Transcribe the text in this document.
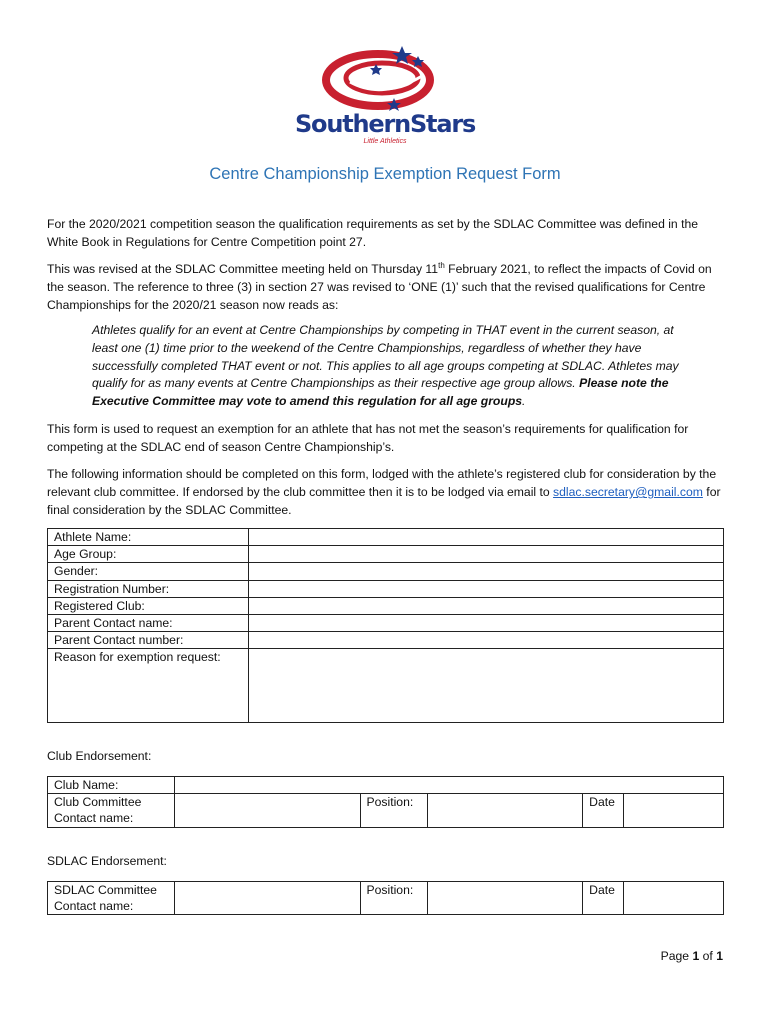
SouthernStars
Little Athletics
Centre Championship Exemption Request Form

For the 2020/2021 competition season the qualification requirements as set by the SDLAC Committee was defined in the White Book in Regulations for Centre Competition point 27.

This was revised at the SDLAC Committee meeting held on Thursday 11th February 2021, to reflect the impacts of Covid on the season. The reference to three (3) in section 27 was revised to ‘ONE (1)’ such that the revised qualifications for Centre Championships for the 2020/21 season now reads as:

Athletes qualify for an event at Centre Championships by competing in THAT event in the current season, at least one (1) time prior to the weekend of the Centre Championships, regardless of whether they have successfully completed THAT event or not. This applies to all age groups competing at SDLAC. Athletes may qualify for as many events at Centre Championships as their respective age group allows. Please note the Executive Committee may vote to amend this regulation for all age groups.

This form is used to request an exemption for an athlete that has not met the season’s requirements for qualification for competing at the SDLAC end of season Centre Championship’s.

The following information should be completed on this form, lodged with the athlete’s registered club for consideration by the relevant club committee. If endorsed by the club committee then it is to be lodged via email to sdlac.secretary@gmail.com for final consideration by the SDLAC Committee.

Athlete Name:	
Age Group:	
Gender:	
Registration Number:	
Registered Club:	
Parent Contact name:	
Parent Contact number:	
Reason for exemption request:	
Club Endorsement:
Club Name:					

Club Committee
Contact name:		Position:		Date	
SDLAC Endorsement:
SDLAC Committee
Contact name:
		Position:		Date	
Page 1 of 1
